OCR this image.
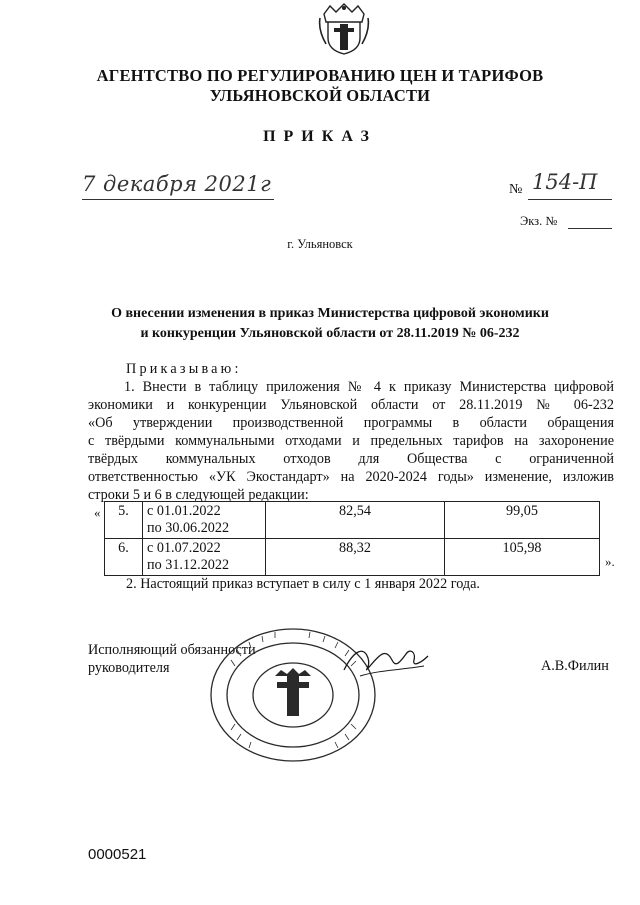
АГЕНТСТВО ПО РЕГУЛИРОВАНИЮ ЦЕН И ТАРИФОВ
УЛЬЯНОВСКОЙ ОБЛАСТИ
ПРИКАЗ
7 декабря 2021г	№ 154-П
Экз. №
г. Ульяновск
О внесении изменения в приказ Министерства цифровой экономики
и конкуренции Ульяновской области от 28.11.2019 № 06-232
Приказываю:
1. Внести в таблицу приложения № 4 к приказу Министерства цифровой
экономики и конкуренции Ульяновской области от 28.11.2019 № 06-232
«Об утверждении производственной программы в области обращения
с твёрдыми коммунальными отходами и предельных тарифов на захоронение
твёрдых коммунальных отходов для Общества с ограниченной
ответственностью «УК Экостандарт» на 2020-2024 годы» изменение, изложив
строки 5 и 6 в следующей редакции:
« 5.	с 01.01.2022
по 30.06.2022	82,54	99,05
6.	с 01.07.2022
по 31.12.2022	88,32	105,98
».
2. Настоящий приказ вступает в силу с 1 января 2022 года.
Исполняющий обязанности
руководителя	А.В.Филин
0000521
